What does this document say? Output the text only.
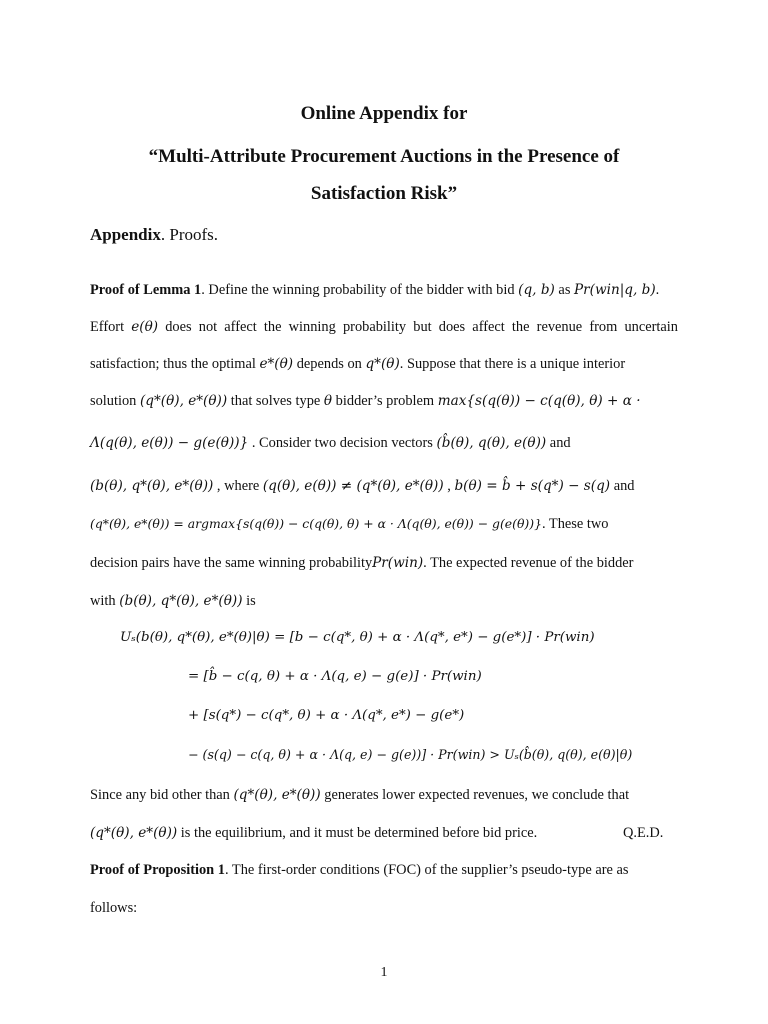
Online Appendix for
“Multi-Attribute Procurement Auctions in the Presence of
Satisfaction Risk”
Appendix. Proofs.
Proof of Lemma 1. Define the winning probability of the bidder with bid (q, b) as Pr(win|q, b).
Effort e(θ) does not affect the winning probability but does affect the revenue from uncertain
satisfaction; thus the optimal e*(θ) depends on q*(θ). Suppose that there is a unique interior
solution (q*(θ), e*(θ)) that solves type θ bidder’s problem max{s(q(θ)) − c(q(θ), θ) + α ·
Λ(q(θ), e(θ)) − g(e(θ))} . Consider two decision vectors (b̂(θ), q(θ), e(θ)) and
(b(θ), q*(θ), e*(θ)) , where (q(θ), e(θ)) ≠ (q*(θ), e*(θ)) , b(θ) = b̂ + s(q*) − s(q) and
(q*(θ), e*(θ)) = argmax{s(q(θ)) − c(q(θ), θ) + α · Λ(q(θ), e(θ)) − g(e(θ))}. These two
decision pairs have the same winning probabilityPr(win). The expected revenue of the bidder
with (b(θ), q*(θ), e*(θ)) is
Uₛ(b(θ), q*(θ), e*(θ)|θ) = [b − c(q*, θ) + α · Λ(q*, e*) − g(e*)] · Pr(win)
= [b̂ − c(q, θ) + α · Λ(q, e) − g(e)] · Pr(win)
+ [s(q*) − c(q*, θ) + α · Λ(q*, e*) − g(e*)
− (s(q) − c(q, θ) + α · Λ(q, e) − g(e))] · Pr(win) > Uₛ(b̂(θ), q(θ), e(θ)|θ)
Since any bid other than (q*(θ), e*(θ)) generates lower expected revenues, we conclude that
(q*(θ), e*(θ)) is the equilibrium, and it must be determined before bid price.	Q.E.D.
Proof of Proposition 1. The first-order conditions (FOC) of the supplier’s pseudo-type are as
follows:
1
